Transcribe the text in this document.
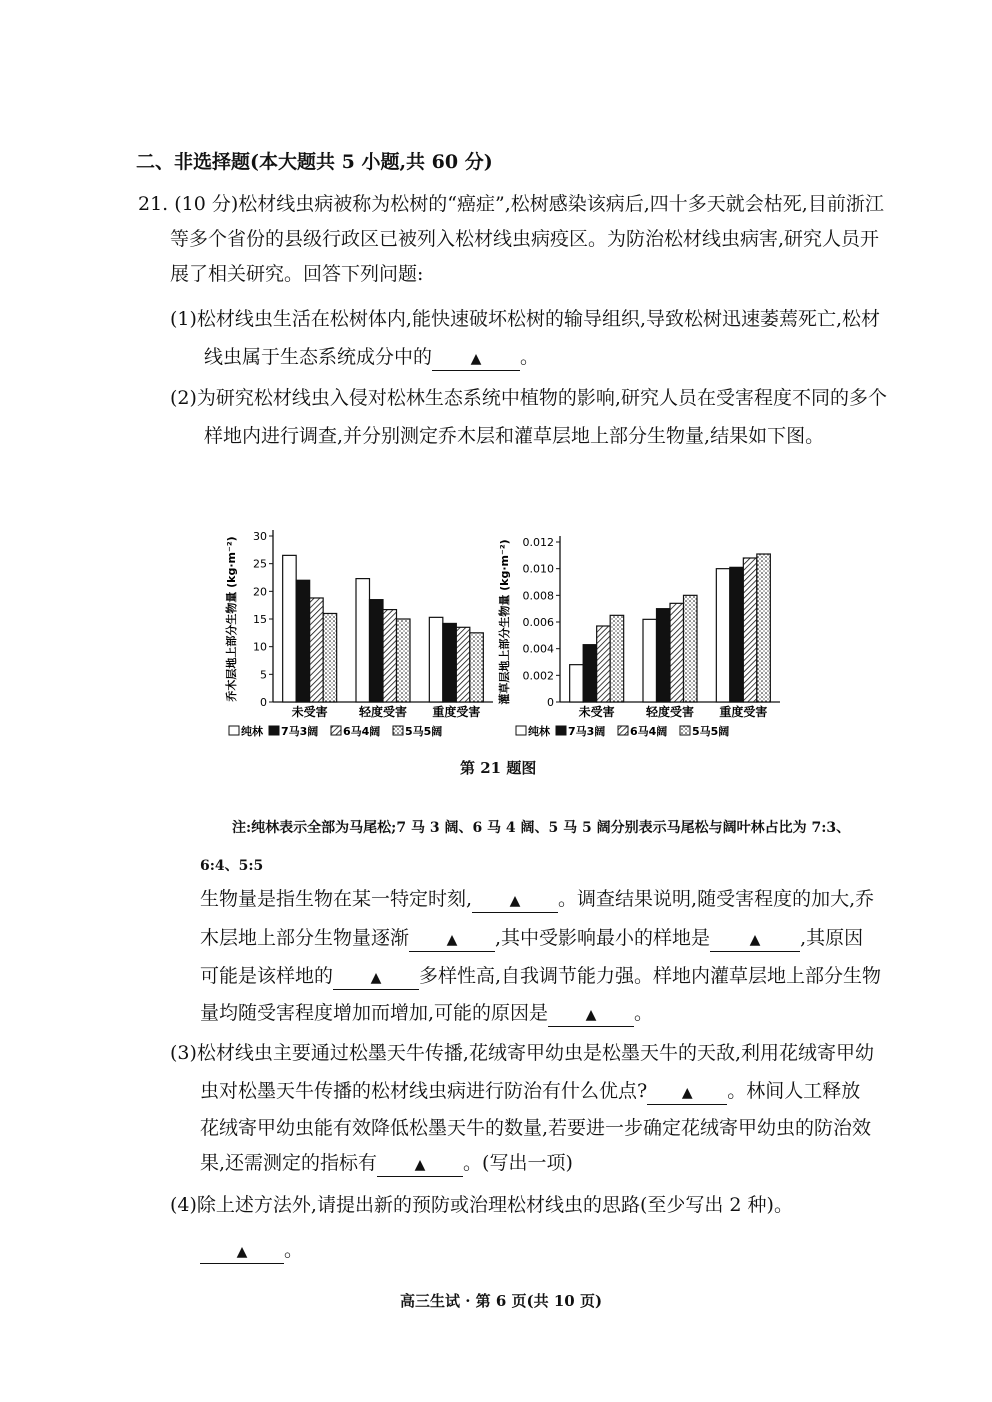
二、非选择题(本大题共 5 小题,共 60 分)
21. (10 分)松材线虫病被称为松树的“癌症”,松树感染该病后,四十多天就会枯死,目前浙江
等多个省份的县级行政区已被列入松材线虫病疫区。为防治松材线虫病害,研究人员开
展了相关研究。回答下列问题:
(1)松材线虫生活在松树体内,能快速破坏松树的输导组织,导致松树迅速萎蔫死亡,松材
线虫属于生态系统成分中的	▲ 。
(2)为研究松材线虫入侵对松林生态系统中植物的影响,研究人员在受害程度不同的多个
样地内进行调查,并分别测定乔木层和灌草层地上部分生物量,结果如下图。
乔木层地上部分生物量 (kg·m⁻²)
0
5
10
15
20
25
30
未受害	轻度受害 重度受害
纯林 7马3阔 6马4阔 5马5阔
灌草层地上部分生物量 (kg·m⁻²)	0
0.002
0.004
0.006
0.008
0.010
0.012
未受害	轻度受害 重度受害
纯林 7马3阔 6马4阔 5马5阔
第 21 题图
注:纯林表示全部为马尾松;7 马 3 阔、6 马 4 阔、5 马 5 阔分别表示马尾松与阔叶林占比为 7:3、
6:4、5:5
生物量是指生物在某一特定时刻,	▲ 。调查结果说明,随受害程度的加大,乔
木层地上部分生物量逐渐	▲ ,其中受影响最小的样地是	▲ ,其原因
可能是该样地的	▲ 多样性高,自我调节能力强。样地内灌草层地上部分生物
量均随受害程度增加而增加,可能的原因是	▲ 。
(3)松材线虫主要通过松墨天牛传播,花绒寄甲幼虫是松墨天牛的天敌,利用花绒寄甲幼
虫对松墨天牛传播的松材线虫病进行防治有什么优点? ▲ 。林间人工释放
花绒寄甲幼虫能有效降低松墨天牛的数量,若要进一步确定花绒寄甲幼虫的防治效
果,还需测定的指标有	▲ 。(写出一项)
(4)除上述方法外,请提出新的预防或治理松材线虫的思路(至少写出 2 种)。
▲ 。
高三生试 · 第 6 页(共 10 页)
